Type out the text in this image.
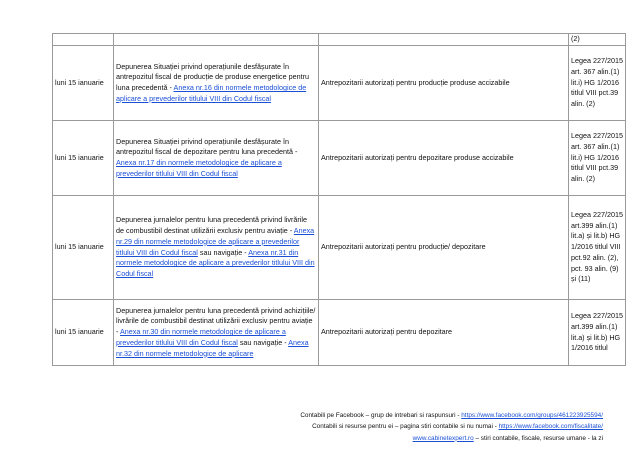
			(2)
luni 15 ianuarie	Depunerea Situației privind operațiunile desfășurate în antrepozitul fiscal de producție de produse energetice pentru luna precedentă - Anexa nr.16 din normele metodologice de aplicare a prevederilor titlului VIII din Codul fiscal	Antrepozitarii autorizați pentru producție produse accizabile	Legea 227/2015 art. 367 alin.(1) lit.i) HG 1/2016 titlul VIII pct.39 alin. (2)
luni 15 ianuarie	Depunerea Situației privind operațiunile desfășurate în antrepozitul fiscal de depozitare pentru luna precedentă - Anexa nr.17 din normele metodologice de aplicare a prevederilor titlului VIII din Codul fiscal	Antrepozitarii autorizați pentru depozitare produse accizabile	Legea 227/2015 art. 367 alin.(1) lit.i) HG 1/2016 titlul VIII pct.39 alin. (2)
luni 15 ianuarie	Depunerea jurnalelor pentru luna precedentă privind livrările de combustibil destinat utilizării exclusiv pentru aviație - Anexa nr.29 din normele metodologice de aplicare a prevederilor titlului VIII din Codul fiscal sau navigație - Anexa nr.31 din normele metodologice de aplicare a prevederilor titlului VIII din Codul fiscal	Antrepozitarii autorizați pentru producție/ depozitare	Legea 227/2015 art.399 alin.(1) lit.a) și lit.b) HG 1/2016 titlul VIII pct.92 alin. (2), pct. 93 alin. (9) și (11)
luni 15 ianuarie	Depunerea jurnalelor pentru luna precedentă privind achizițiile/ livrările de combustibil destinat utilizării exclusiv pentru aviație - Anexa nr.30 din normele metodologice de aplicare a prevederilor titlului VIII din Codul fiscal sau navigație - Anexa nr.32 din normele metodologice de aplicare	Antrepozitarii autorizați pentru depozitare	Legea 227/2015 art.399 alin.(1) lit.a) și lit.b) HG 1/2016 titlul
Contabili pe Facebook – grup de intrebari si raspunsuri - https://www.facebook.com/groups/461223925594/
Contabili si resurse pentru ei – pagina stiri contabile si nu numai - https://www.facebook.com/fiscalitate/
www.cabinetexpert.ro – stiri contabile, fiscale, resurse umane - la zi
